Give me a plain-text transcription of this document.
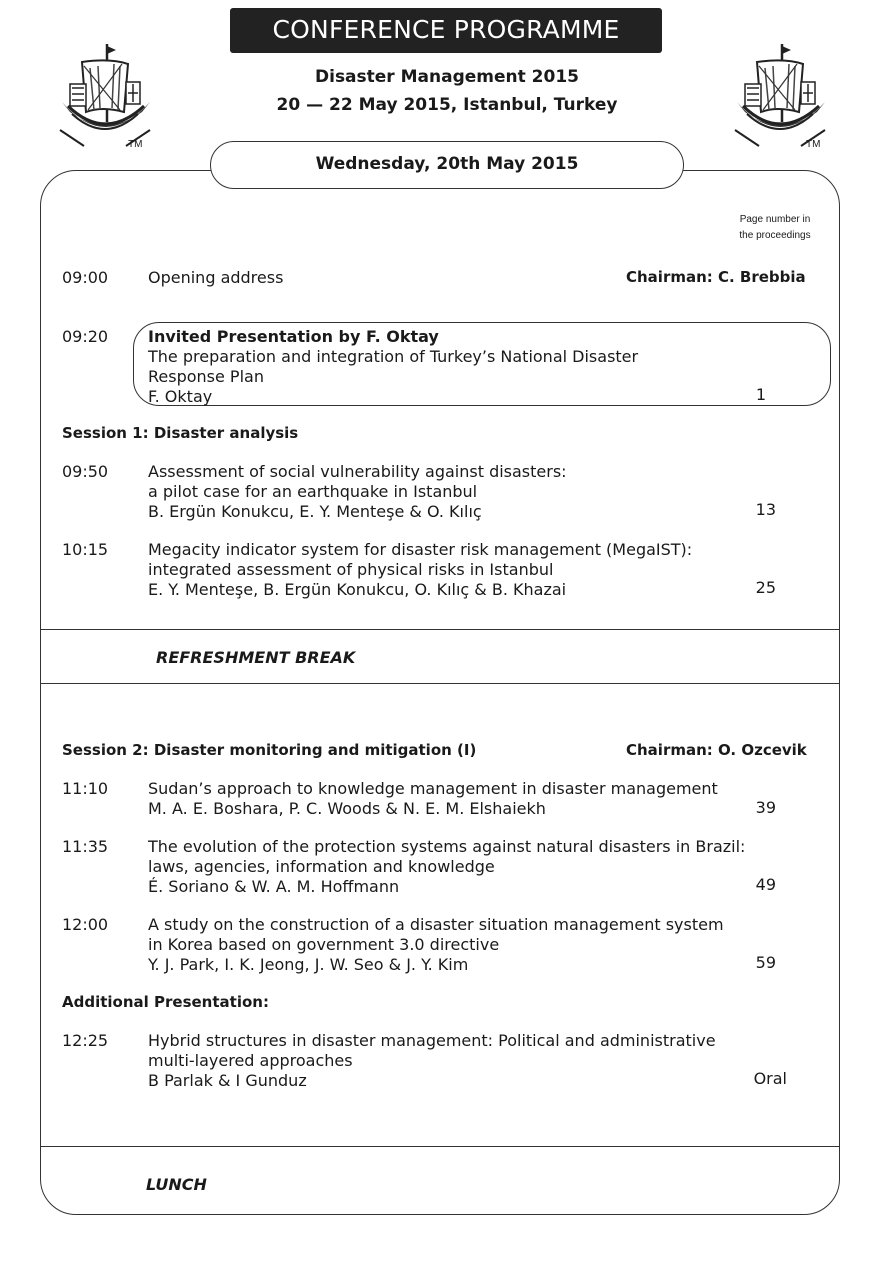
CONFERENCE PROGRAMME
Disaster Management 2015
20 — 22 May 2015, Istanbul, Turkey
TM	TM
Wednesday, 20th May 2015
Page number in
the proceedings
09:00 Opening address	Chairman: C. Brebbia
09:20 Invited Presentation by F. Oktay
The preparation and integration of Turkey’s National Disaster
Response Plan
F. Oktay	1
Session 1: Disaster analysis
09:50 Assessment of social vulnerability against disasters:
a pilot case for an earthquake in Istanbul
B. Ergün Konukcu, E. Y. Menteşe & O. Kılıç	13
10:15 Megacity indicator system for disaster risk management (MegaIST):
integrated assessment of physical risks in Istanbul
E. Y. Menteşe, B. Ergün Konukcu, O. Kılıç & B. Khazai	25
REFRESHMENT BREAK
Session 2: Disaster monitoring and mitigation (I)	Chairman: O. Ozcevik
11:10 Sudan’s approach to knowledge management in disaster management
M. A. E. Boshara, P. C. Woods & N. E. M. Elshaiekh	39
11:35 The evolution of the protection systems against natural disasters in Brazil:
laws, agencies, information and knowledge
É. Soriano & W. A. M. Hoffmann	49
12:00 A study on the construction of a disaster situation management system
in Korea based on government 3.0 directive
Y. J. Park, I. K. Jeong, J. W. Seo & J. Y. Kim	59
Additional Presentation:
12:25 Hybrid structures in disaster management: Political and administrative
multi-layered approaches
B Parlak & I Gunduz	Oral
LUNCH
